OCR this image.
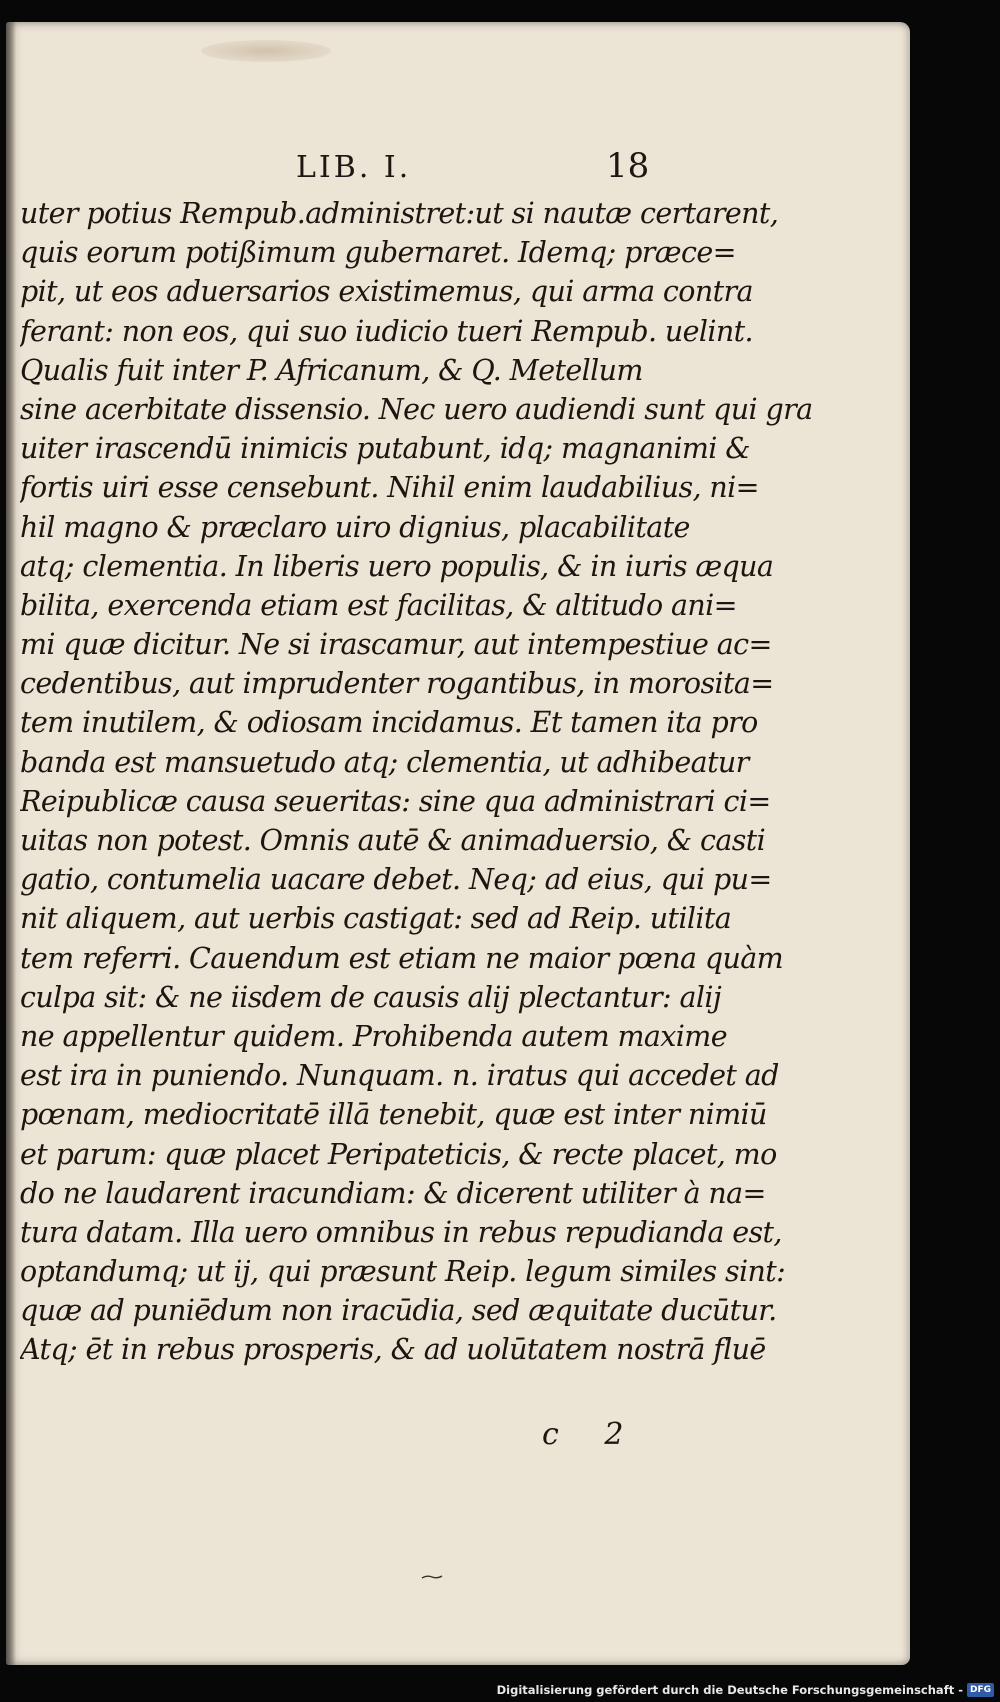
LIB. I.	18
uter potius Rempub.administret:ut si nautæ certarent,
quis eorum potißimum gubernaret. Idemq; præce=
pit, ut eos aduersarios existimemus, qui arma contra
ferant: non eos, qui suo iudicio tueri Rempub. uelint.
Qualis fuit inter P. Africanum, & Q. Metellum
sine acerbitate dissensio. Nec uero audiendi sunt qui gra
uiter irascendū inimicis putabunt, idq; magnanimi &
fortis uiri esse censebunt. Nihil enim laudabilius, ni=
hil magno & præclaro uiro dignius, placabilitate
atq; clementia. In liberis uero populis, & in iuris æqua
bilita, exercenda etiam est facilitas, & altitudo ani=
mi quæ dicitur. Ne si irascamur, aut intempestiue ac=
cedentibus, aut imprudenter rogantibus, in morosita=
tem inutilem, & odiosam incidamus. Et tamen ita pro
banda est mansuetudo atq; clementia, ut adhibeatur
Reipublicæ causa seueritas: sine qua administrari ci=
uitas non potest. Omnis autē & animaduersio, & casti
gatio, contumelia uacare debet. Neq; ad eius, qui pu=
nit aliquem, aut uerbis castigat: sed ad Reip. utilita
tem referri. Cauendum est etiam ne maior pœna quàm
culpa sit: & ne iisdem de causis alij plectantur: alij
ne appellentur quidem. Prohibenda autem maxime
est ira in puniendo. Nunquam. n. iratus qui accedet ad
pœnam, mediocritatē illā tenebit, quæ est inter nimiū
et parum: quæ placet Peripateticis, & recte placet, mo
do ne laudarent iracundiam: & dicerent utiliter à na=
tura datam. Illa uero omnibus in rebus repudianda est,
optandumq; ut ij, qui præsunt Reip. legum similes sint:
quæ ad puniēdum non iracūdia, sed æquitate ducūtur.
Atq; ēt in rebus prosperis, & ad uolūtatem nostrā fluē
c 2
Digitalisierung gefördert durch die Deutsche Forschungsgemeinschaft - DFG
